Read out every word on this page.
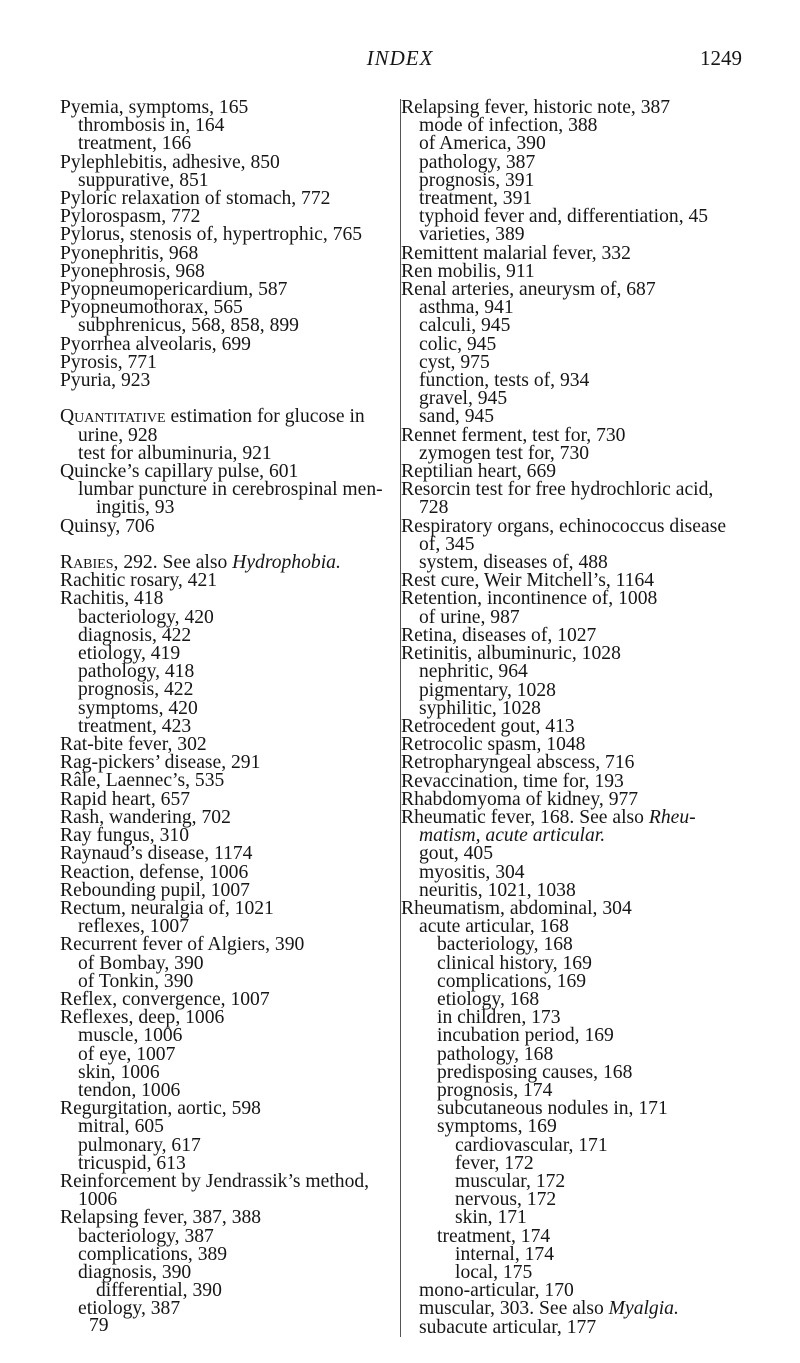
INDEX	1249
Pyemia, symptoms, 165
thrombosis in, 164
treatment, 166
Pylephlebitis, adhesive, 850
suppurative, 851
Pyloric relaxation of stomach, 772
Pylorospasm, 772
Pylorus, stenosis of, hypertrophic, 765
Pyonephritis, 968
Pyonephrosis, 968
Pyopneumopericardium, 587
Pyopneumothorax, 565
subphrenicus, 568, 858, 899
Pyorrhea alveolaris, 699
Pyrosis, 771
Pyuria, 923
Quantitative estimation for glucose in
urine, 928
test for albuminuria, 921
Quincke’s capillary pulse, 601
lumbar puncture in cerebrospinal men-
ingitis, 93
Quinsy, 706
Rabies, 292. See also Hydrophobia.
Rachitic rosary, 421
Rachitis, 418
bacteriology, 420
diagnosis, 422
etiology, 419
pathology, 418
prognosis, 422
symptoms, 420
treatment, 423
Rat-bite fever, 302
Rag-pickers’ disease, 291
Râle, Laennec’s, 535
Rapid heart, 657
Rash, wandering, 702
Ray fungus, 310
Raynaud’s disease, 1174
Reaction, defense, 1006
Rebounding pupil, 1007
Rectum, neuralgia of, 1021
reflexes, 1007
Recurrent fever of Algiers, 390
of Bombay, 390
of Tonkin, 390
Reflex, convergence, 1007
Reflexes, deep, 1006
muscle, 1006
of eye, 1007
skin, 1006
tendon, 1006
Regurgitation, aortic, 598
mitral, 605
pulmonary, 617
tricuspid, 613
Reinforcement by Jendrassik’s method,
1006
Relapsing fever, 387, 388
bacteriology, 387
complications, 389
diagnosis, 390
differential, 390
etiology, 387
Relapsing fever, historic note, 387
mode of infection, 388
of America, 390
pathology, 387
prognosis, 391
treatment, 391
typhoid fever and, differentiation, 45
varieties, 389
Remittent malarial fever, 332
Ren mobilis, 911
Renal arteries, aneurysm of, 687
asthma, 941
calculi, 945
colic, 945
cyst, 975
function, tests of, 934
gravel, 945
sand, 945
Rennet ferment, test for, 730
zymogen test for, 730
Reptilian heart, 669
Resorcin test for free hydrochloric acid,
728
Respiratory organs, echinococcus disease
of, 345
system, diseases of, 488
Rest cure, Weir Mitchell’s, 1164
Retention, incontinence of, 1008
of urine, 987
Retina, diseases of, 1027
Retinitis, albuminuric, 1028
nephritic, 964
pigmentary, 1028
syphilitic, 1028
Retrocedent gout, 413
Retrocolic spasm, 1048
Retropharyngeal abscess, 716
Revaccination, time for, 193
Rhabdomyoma of kidney, 977
Rheumatic fever, 168. See also Rheu-
matism, acute articular.
gout, 405
myositis, 304
neuritis, 1021, 1038
Rheumatism, abdominal, 304
acute articular, 168
bacteriology, 168
clinical history, 169
complications, 169
etiology, 168
in children, 173
incubation period, 169
pathology, 168
predisposing causes, 168
prognosis, 174
subcutaneous nodules in, 171
symptoms, 169
cardiovascular, 171
fever, 172
muscular, 172
nervous, 172
skin, 171
treatment, 174
internal, 174
local, 175
mono-articular, 170
muscular, 303. See also Myalgia.
subacute articular, 177
79
